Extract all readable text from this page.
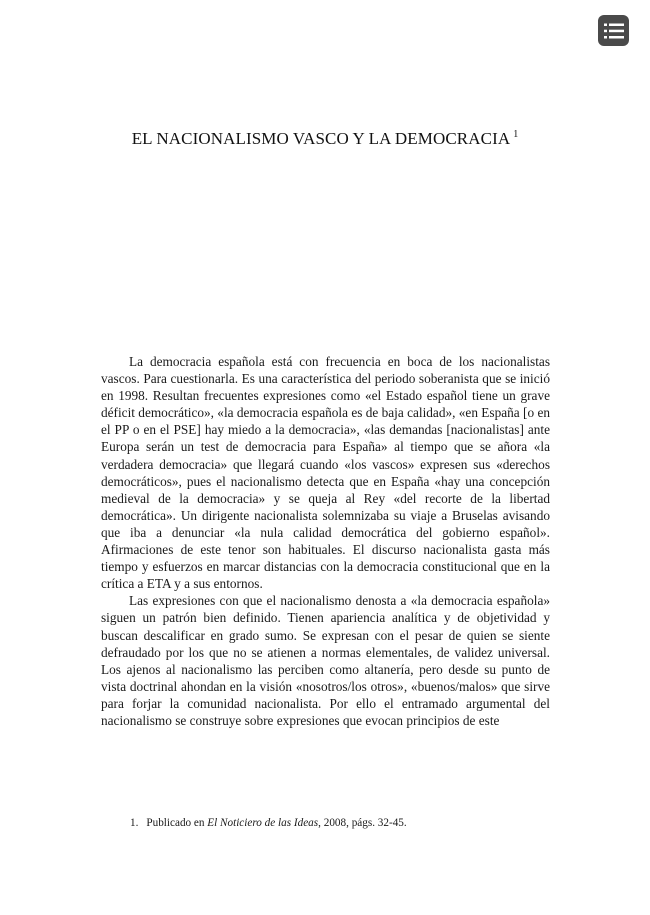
EL NACIONALISMO VASCO Y LA DEMOCRACIA $^1$

La democracia española está con frecuencia en boca de los nacionalistas vascos. Para cuestionarla. Es una característica del periodo soberanista que se inició en 1998. Resultan frecuentes expresiones como «el Estado español tiene un grave déficit democrático», «la democracia española es de baja calidad», «en España [o en el PP o en el PSE] hay miedo a la democracia», «las demandas [nacionalistas] ante Europa serán un test de democracia para España» al tiempo que se añora «la verdadera democracia» que llegará cuando «los vascos» expresen sus «derechos democráticos», pues el nacionalismo detecta que en España «hay una concepción medieval de la democracia» y se queja al Rey «del recorte de la libertad democrática». Un dirigente nacionalista solemnizaba su viaje a Bruselas avisando que iba a denunciar «la nula calidad democrática del gobierno español». Afirmaciones de este tenor son habituales. El discurso nacionalista gasta más tiempo y esfuerzos en marcar distancias con la democracia constitucional que en la crítica a ETA y a sus entornos.

Las expresiones con que el nacionalismo denosta a «la democracia española» siguen un patrón bien definido. Tienen apariencia analítica y de objetividad y buscan descalificar en grado sumo. Se expresan con el pesar de quien se siente defraudado por los que no se atienen a normas elementales, de validez universal. Los ajenos al nacionalismo las perciben como altanería, pero desde su punto de vista doctrinal ahondan en la visión «nosotros/los otros», «buenos/malos» que sirve para forjar la comunidad nacionalista. Por ello el entramado argumental del nacionalismo se construye sobre expresiones que evocan principios de este

1. Publicado en El Noticiero de las Ideas, 2008, págs. 32-45.
